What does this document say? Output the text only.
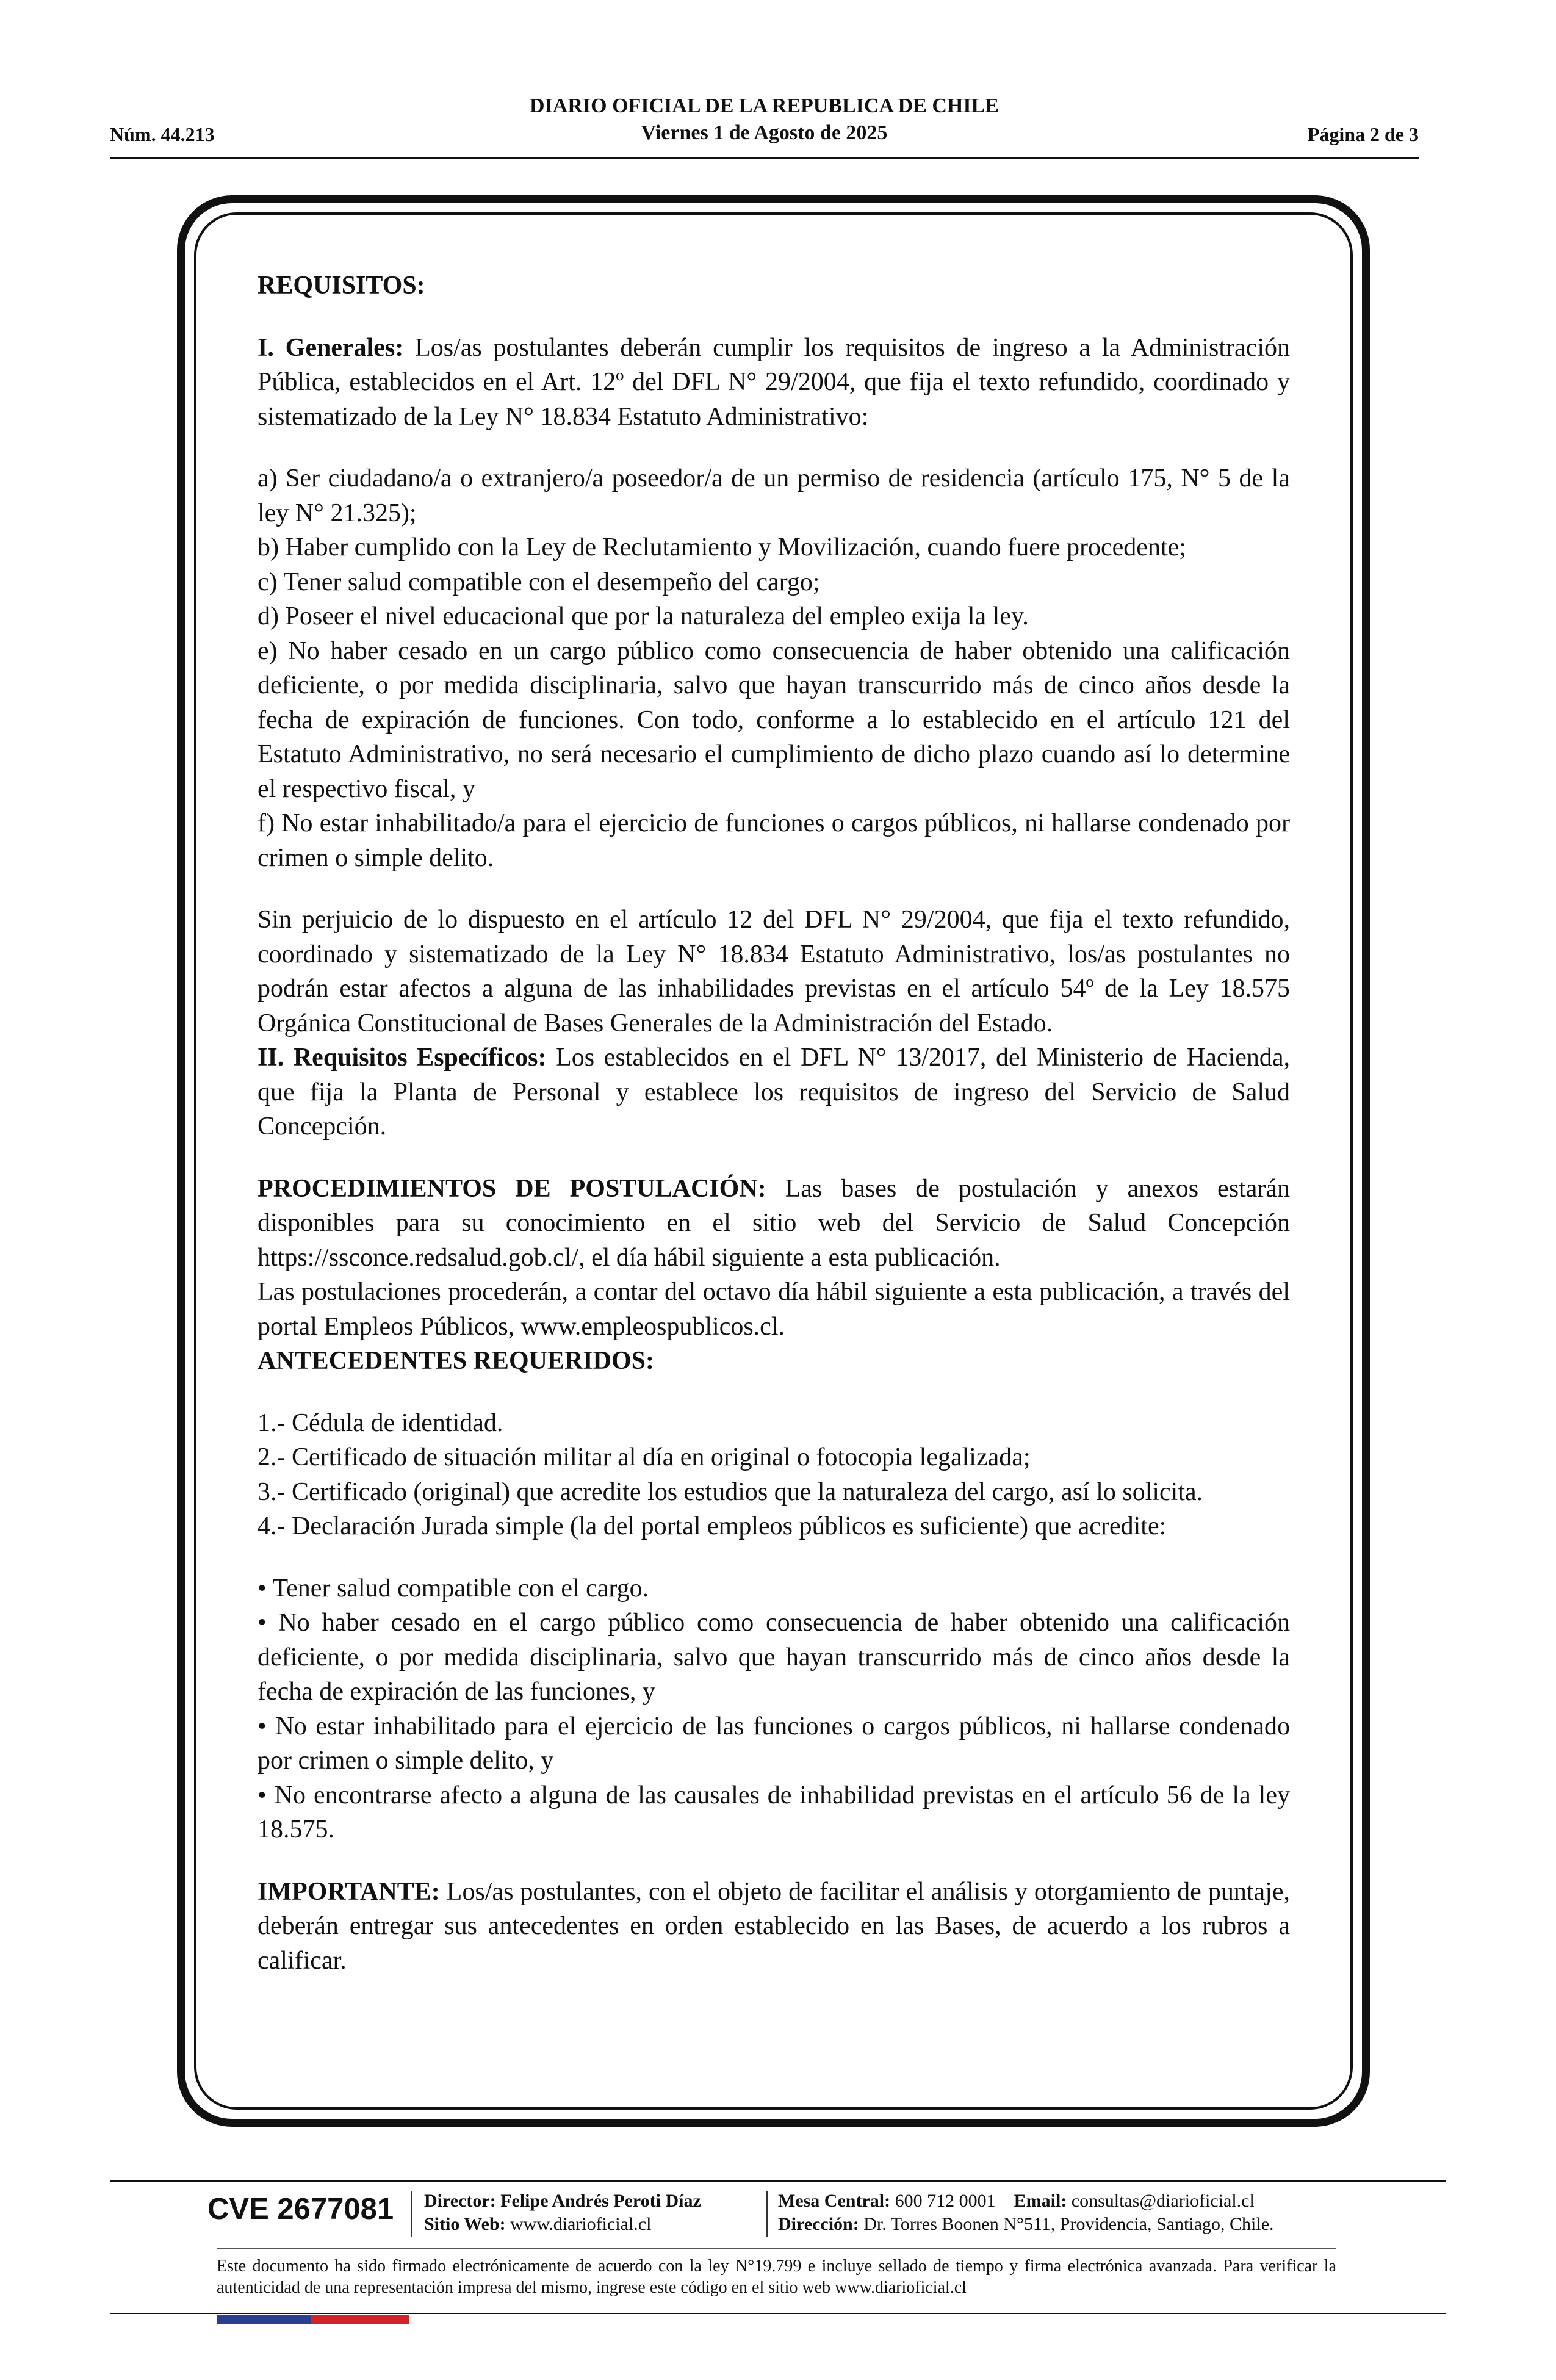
Núm. 44.213
DIARIO OFICIAL DE LA REPUBLICA DE CHILE
Viernes 1 de Agosto de 2025	Página 2 de 3

REQUISITOS:

I. Generales: Los/as postulantes deberán cumplir los requisitos de ingreso a la Administración Pública, establecidos en el Art. 12º del DFL N° 29/2004, que fija el texto refundido, coordinado y sistematizado de la Ley N° 18.834 Estatuto Administrativo:

a) Ser ciudadano/a o extranjero/a poseedor/a de un permiso de residencia (artículo 175, N° 5 de la ley N° 21.325);

b) Haber cumplido con la Ley de Reclutamiento y Movilización, cuando fuere procedente;

c) Tener salud compatible con el desempeño del cargo;

d) Poseer el nivel educacional que por la naturaleza del empleo exija la ley.

e) No haber cesado en un cargo público como consecuencia de haber obtenido una calificación deficiente, o por medida disciplinaria, salvo que hayan transcurrido más de cinco años desde la fecha de expiración de funciones. Con todo, conforme a lo establecido en el artículo 121 del Estatuto Administrativo, no será necesario el cumplimiento de dicho plazo cuando así lo determine el respectivo fiscal, y

f) No estar inhabilitado/a para el ejercicio de funciones o cargos públicos, ni hallarse condenado por crimen o simple delito.

Sin perjuicio de lo dispuesto en el artículo 12 del DFL N° 29/2004, que fija el texto refundido, coordinado y sistematizado de la Ley N° 18.834 Estatuto Administrativo, los/as postulantes no podrán estar afectos a alguna de las inhabilidades previstas en el artículo 54º de la Ley 18.575 Orgánica Constitucional de Bases Generales de la Administración del Estado.

II. Requisitos Específicos: Los establecidos en el DFL N° 13/2017, del Ministerio de Hacienda, que fija la Planta de Personal y establece los requisitos de ingreso del Servicio de Salud Concepción.

PROCEDIMIENTOS DE POSTULACIÓN: Las bases de postulación y anexos estarán disponibles para su conocimiento en el sitio web del Servicio de Salud Concepción https://ssconce.redsalud.gob.cl/, el día hábil siguiente a esta publicación.

Las postulaciones procederán, a contar del octavo día hábil siguiente a esta publicación, a través del portal Empleos Públicos, www.empleospublicos.cl.

ANTECEDENTES REQUERIDOS:

1.- Cédula de identidad.

2.- Certificado de situación militar al día en original o fotocopia legalizada;

3.- Certificado (original) que acredite los estudios que la naturaleza del cargo, así lo solicita.

4.- Declaración Jurada simple (la del portal empleos públicos es suficiente) que acredite:

• Tener salud compatible con el cargo.

• No haber cesado en el cargo público como consecuencia de haber obtenido una calificación deficiente, o por medida disciplinaria, salvo que hayan transcurrido más de cinco años desde la fecha de expiración de las funciones, y

• No estar inhabilitado para el ejercicio de las funciones o cargos públicos, ni hallarse condenado por crimen o simple delito, y

• No encontrarse afecto a alguna de las causales de inhabilidad previstas en el artículo 56 de la ley 18.575.

IMPORTANTE: Los/as postulantes, con el objeto de facilitar el análisis y otorgamiento de puntaje, deberán entregar sus antecedentes en orden establecido en las Bases, de acuerdo a los rubros a calificar.

CVE 2677081 Director: Felipe Andrés Peroti Díaz
Sitio Web: www.diarioficial.cl
Mesa Central: 600 712 0001 Email: consultas@diarioficial.cl
Dirección: Dr. Torres Boonen N°511, Providencia, Santiago, Chile.
Este documento ha sido firmado electrónicamente de acuerdo con la ley N°19.799 e incluye sellado de tiempo y firma electrónica avanzada. Para verificar la autenticidad de una representación impresa del mismo, ingrese este código en el sitio web www.diarioficial.cl
